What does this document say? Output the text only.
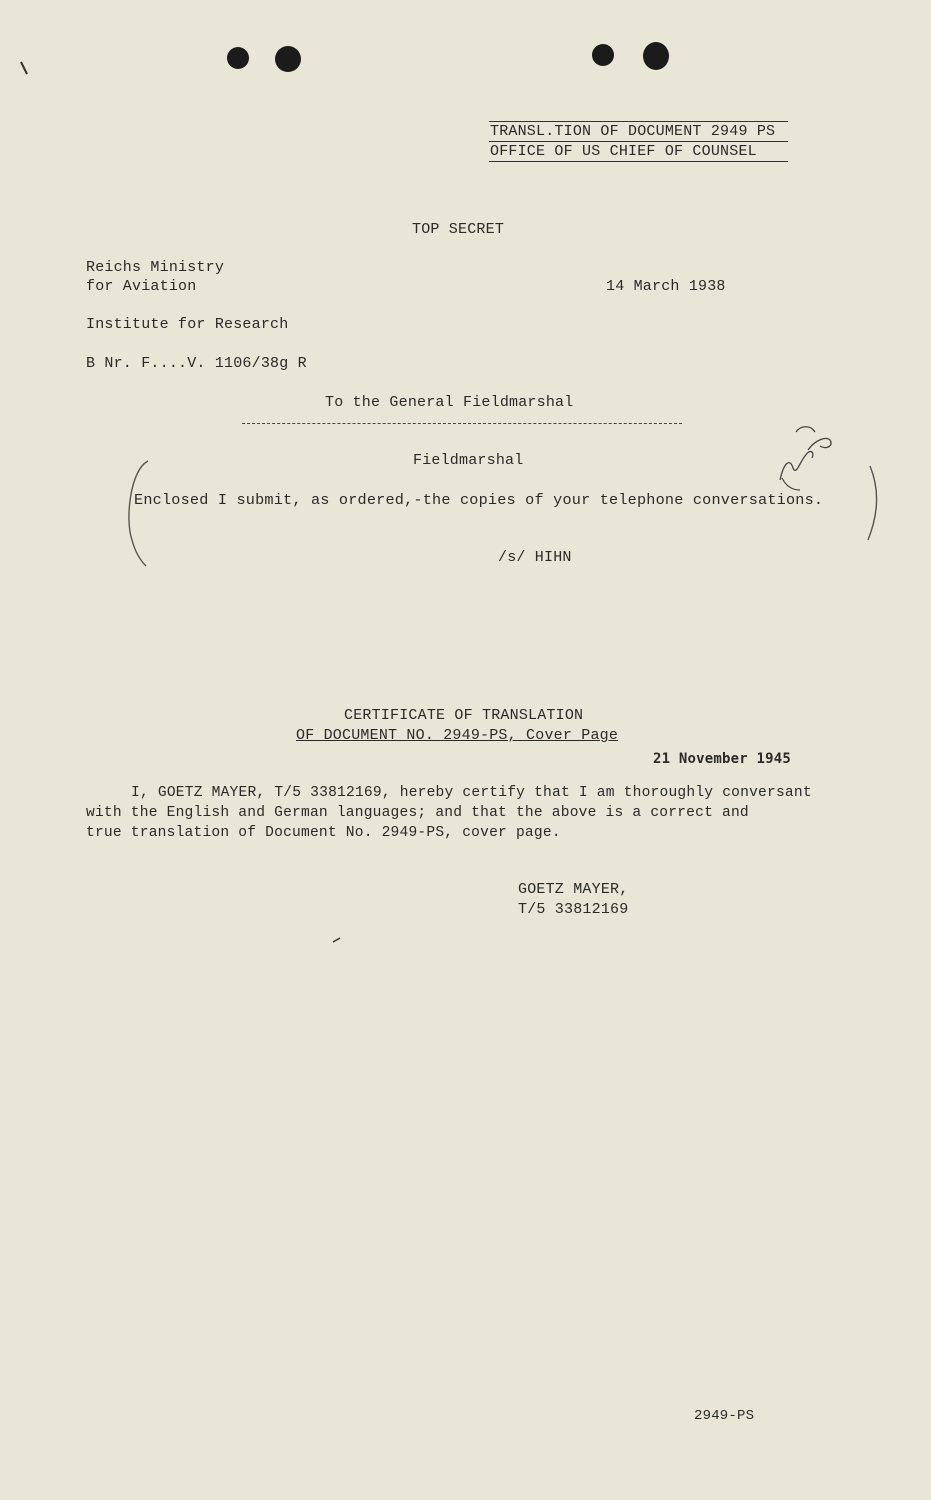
TRANSL.TION OF DOCUMENT 2949 PS
OFFICE OF US CHIEF OF COUNSEL
TOP SECRET
Reichs Ministry
for Aviation	14 March 1938
Institute for Research
B Nr. F....V. 1106/38g R
To the General Fieldmarshal
Fieldmarshal
Enclosed I submit, as ordered,-the copies of your telephone conversations.
/s/ HIHN
CERTIFICATE OF TRANSLATION
OF DOCUMENT NO. 2949-PS, Cover Page
21 November 1945
I, GOETZ MAYER, T/5 33812169, hereby certify that I am thoroughly conversant
with the English and German languages; and that the above is a correct and
true translation of Document No. 2949-PS, cover page.
GOETZ MAYER,
T/5 33812169
2949-PS
